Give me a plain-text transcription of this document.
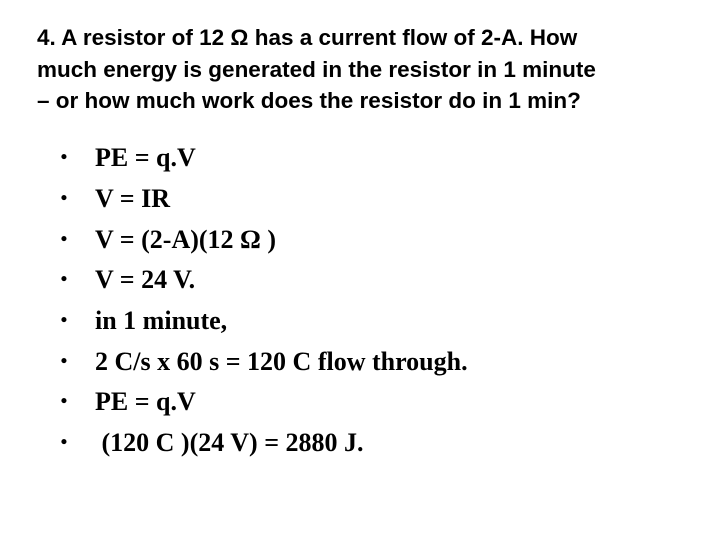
4. A resistor of 12 Ω has a current flow of 2-A. How
much energy is generated in the resistor in 1 minute
– or how much work does the resistor do in 1 min?
• PE = q.V
• V = IR
• V = (2-A)(12 Ω )
• V = 24 V.
• in 1 minute,
• 2 C/s x 60 s = 120 C flow through.
• PE = q.V
• (120 C )(24 V) = 2880 J.
